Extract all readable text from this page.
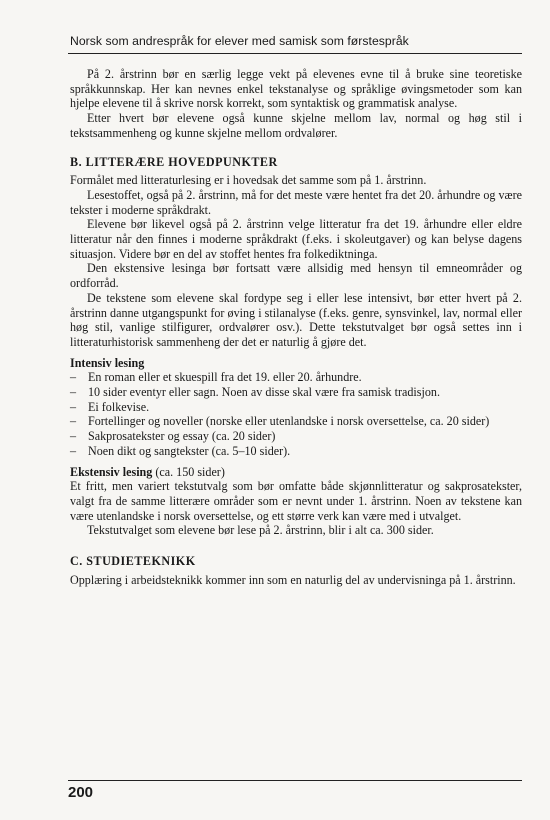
Norsk som andrespråk for elever med samisk som førstespråk

På 2. årstrinn bør en særlig legge vekt på elevenes evne til å bruke sine teoretiske språkkunnskap. Her kan nevnes enkel tekstanalyse og språklige øvingsmetoder som kan hjelpe elevene til å skrive norsk korrekt, som syntaktisk og grammatisk analyse.

Etter hvert bør elevene også kunne skjelne mellom lav, normal og høg stil i tekstsammenheng og kunne skjelne mellom ordvalører.

B. LITTERÆRE HOVEDPUNKTER

Formålet med litteraturlesing er i hovedsak det samme som på 1. årstrinn.

Lesestoffet, også på 2. årstrinn, må for det meste være hentet fra det 20. århundre og være tekster i moderne språkdrakt.

Elevene bør likevel også på 2. årstrinn velge litteratur fra det 19. århundre eller eldre litteratur når den finnes i moderne språkdrakt (f.eks. i skoleutgaver) og kan belyse dagens situasjon. Videre bør en del av stoffet hentes fra folkediktninga.

Den ekstensive lesinga bør fortsatt være allsidig med hensyn til emneområder og ordforråd.

De tekstene som elevene skal fordype seg i eller lese intensivt, bør etter hvert på 2. årstrinn danne utgangspunkt for øving i stilanalyse (f.eks. genre, synsvinkel, lav, normal eller høg stil, vanlige stilfigurer, ordvalører osv.). Dette tekstutvalget bør også settes inn i litteraturhistorisk sammenheng der det er naturlig å gjøre det.

Intensiv lesing

– En roman eller et skuespill fra det 19. eller 20. århundre.
– 10 sider eventyr eller sagn. Noen av disse skal være fra samisk tradisjon.
– Ei folkevise.
– Fortellinger og noveller (norske eller utenlandske i norsk oversettelse, ca. 20 sider)
– Sakprosatekster og essay (ca. 20 sider)
– Noen dikt og sangtekster (ca. 5–10 sider).

Ekstensiv lesing (ca. 150 sider)

Et fritt, men variert tekstutvalg som bør omfatte både skjønnlitteratur og sakprosatekster, valgt fra de samme litterære områder som er nevnt under 1. årstrinn. Noen av tekstene kan være utenlandske i norsk oversettelse, og ett større verk kan være med i utvalget.

Tekstutvalget som elevene bør lese på 2. årstrinn, blir i alt ca. 300 sider.

C. STUDIETEKNIKK

Opplæring i arbeidsteknikk kommer inn som en naturlig del av undervisninga på 1. årstrinn.

200
